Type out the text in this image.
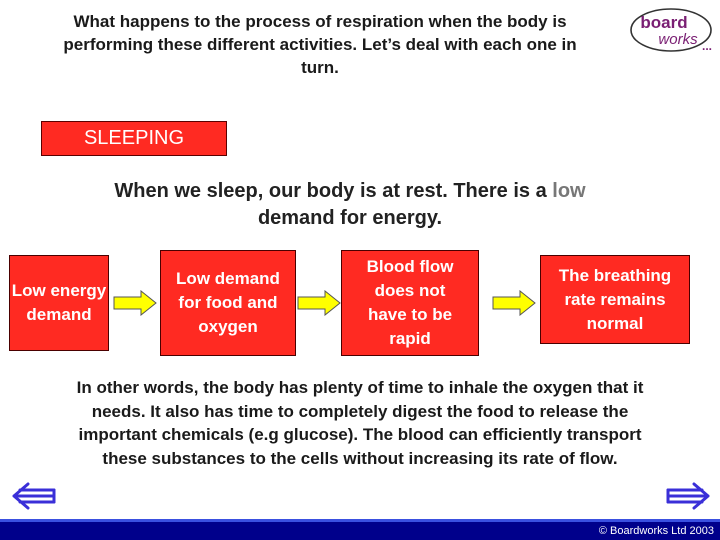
What happens to the process of respiration when the body is
performing these different activities. Let’s deal with each one in
turn.
board
works ...
SLEEPING
When we sleep, our body is at rest. There is a low
demand for energy.
Low energy demand
Low demand for food and oxygen
Blood flow does not have to be rapid
The breathing rate remains normal
In other words, the body has plenty of time to inhale the oxygen that it
needs. It also has time to completely digest the food to release the
important chemicals (e.g glucose). The blood can efficiently transport
these substances to the cells without increasing its rate of flow.
© Boardworks Ltd 2003
